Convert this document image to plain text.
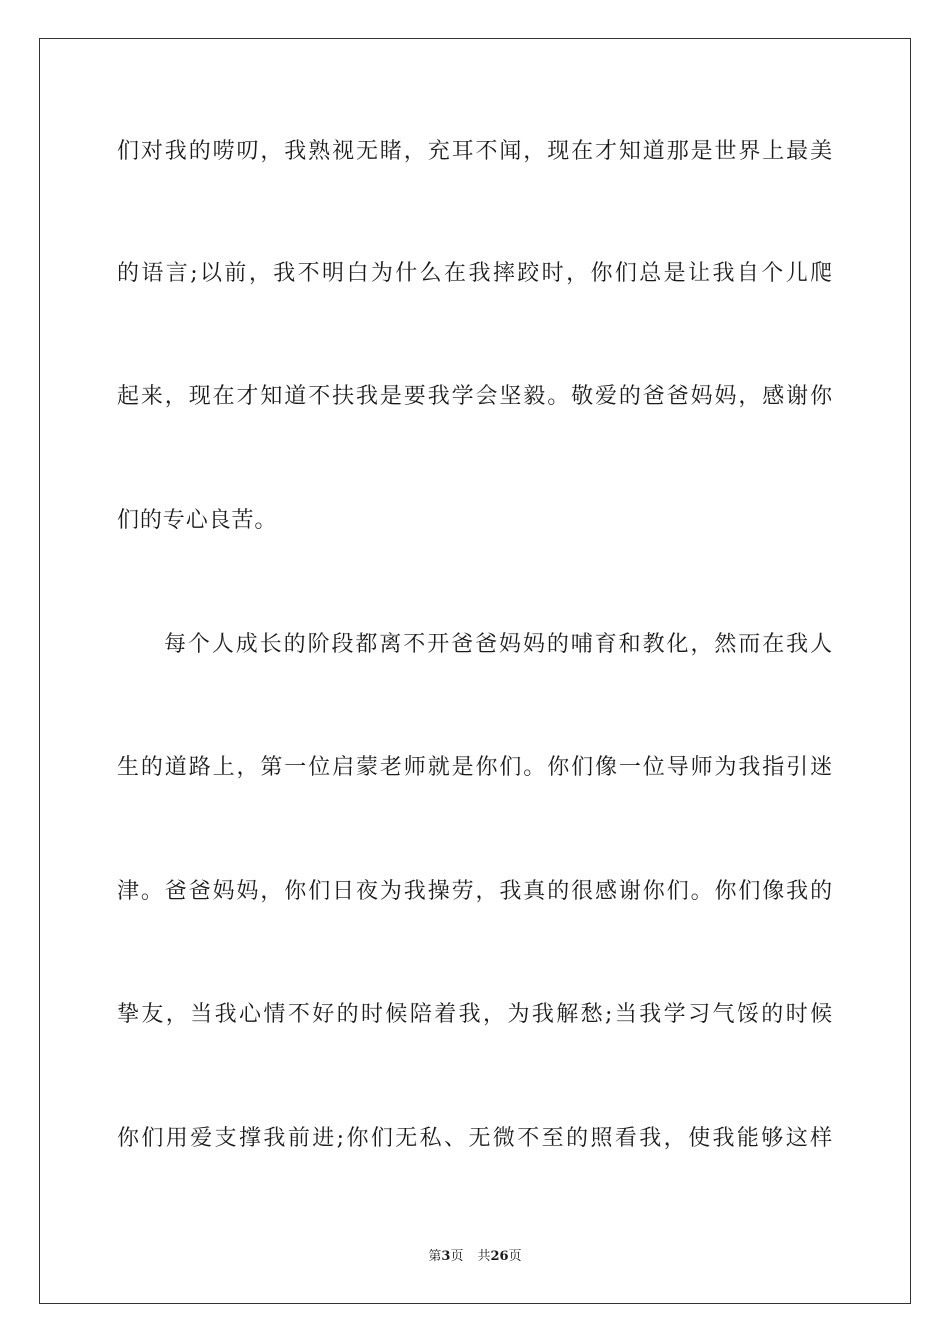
们对我的唠叨，我熟视无睹，充耳不闻，现在才知道那是世界上最美
的语言;以前，我不明白为什么在我摔跤时，你们总是让我自个儿爬
起来，现在才知道不扶我是要我学会坚毅。敬爱的爸爸妈妈，感谢你
们的专心良苦。
每个人成长的阶段都离不开爸爸妈妈的哺育和教化，然而在我人
生的道路上，第一位启蒙老师就是你们。你们像一位导师为我指引迷
津。爸爸妈妈，你们日夜为我操劳，我真的很感谢你们。你们像我的
挚友，当我心情不好的时候陪着我，为我解愁;当我学习气馁的时候
你们用爱支撑我前进;你们无私、无微不至的照看我，使我能够这样
第3页 共26页
